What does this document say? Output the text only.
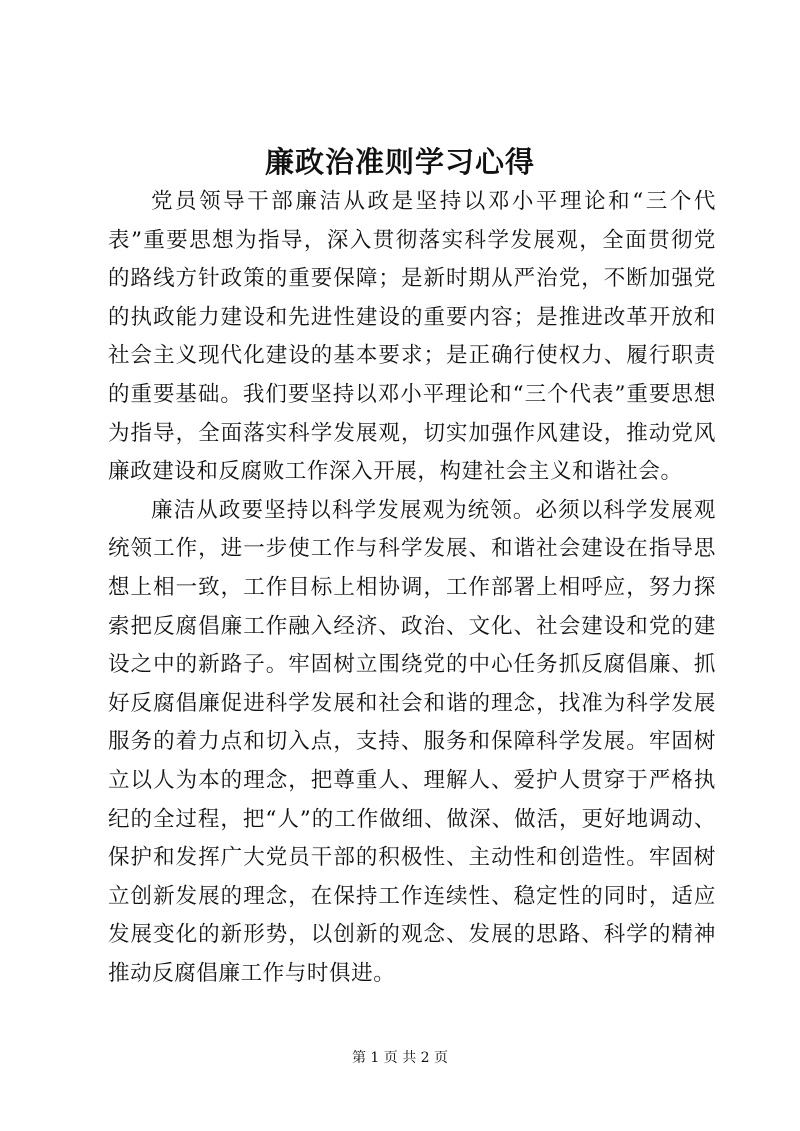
廉政治准则学习心得

党员领导干部廉洁从政是坚持以邓小平理论和“三个代表”重要思想为指导，深入贯彻落实科学发展观，全面贯彻党的路线方针政策的重要保障；是新时期从严治党，不断加强党的执政能力建设和先进性建设的重要内容；是推进改革开放和社会主义现代化建设的基本要求；是正确行使权力、履行职责的重要基础。我们要坚持以邓小平理论和“三个代表”重要思想为指导，全面落实科学发展观，切实加强作风建设，推动党风廉政建设和反腐败工作深入开展，构建社会主义和谐社会。

廉洁从政要坚持以科学发展观为统领。必须以科学发展观统领工作，进一步使工作与科学发展、和谐社会建设在指导思想上相一致，工作目标上相协调，工作部署上相呼应，努力探索把反腐倡廉工作融入经济、政治、文化、社会建设和党的建设之中的新路子。牢固树立围绕党的中心任务抓反腐倡廉、抓好反腐倡廉促进科学发展和社会和谐的理念，找准为科学发展服务的着力点和切入点，支持、服务和保障科学发展。牢固树立以人为本的理念，把尊重人、理解人、爱护人贯穿于严格执纪的全过程，把“人”的工作做细、做深、做活，更好地调动、保护和发挥广大党员干部的积极性、主动性和创造性。牢固树立创新发展的理念，在保持工作连续性、稳定性的同时，适应发展变化的新形势，以创新的观念、发展的思路、科学的精神推动反腐倡廉工作与时俱进。

第 1 页 共 2 页
